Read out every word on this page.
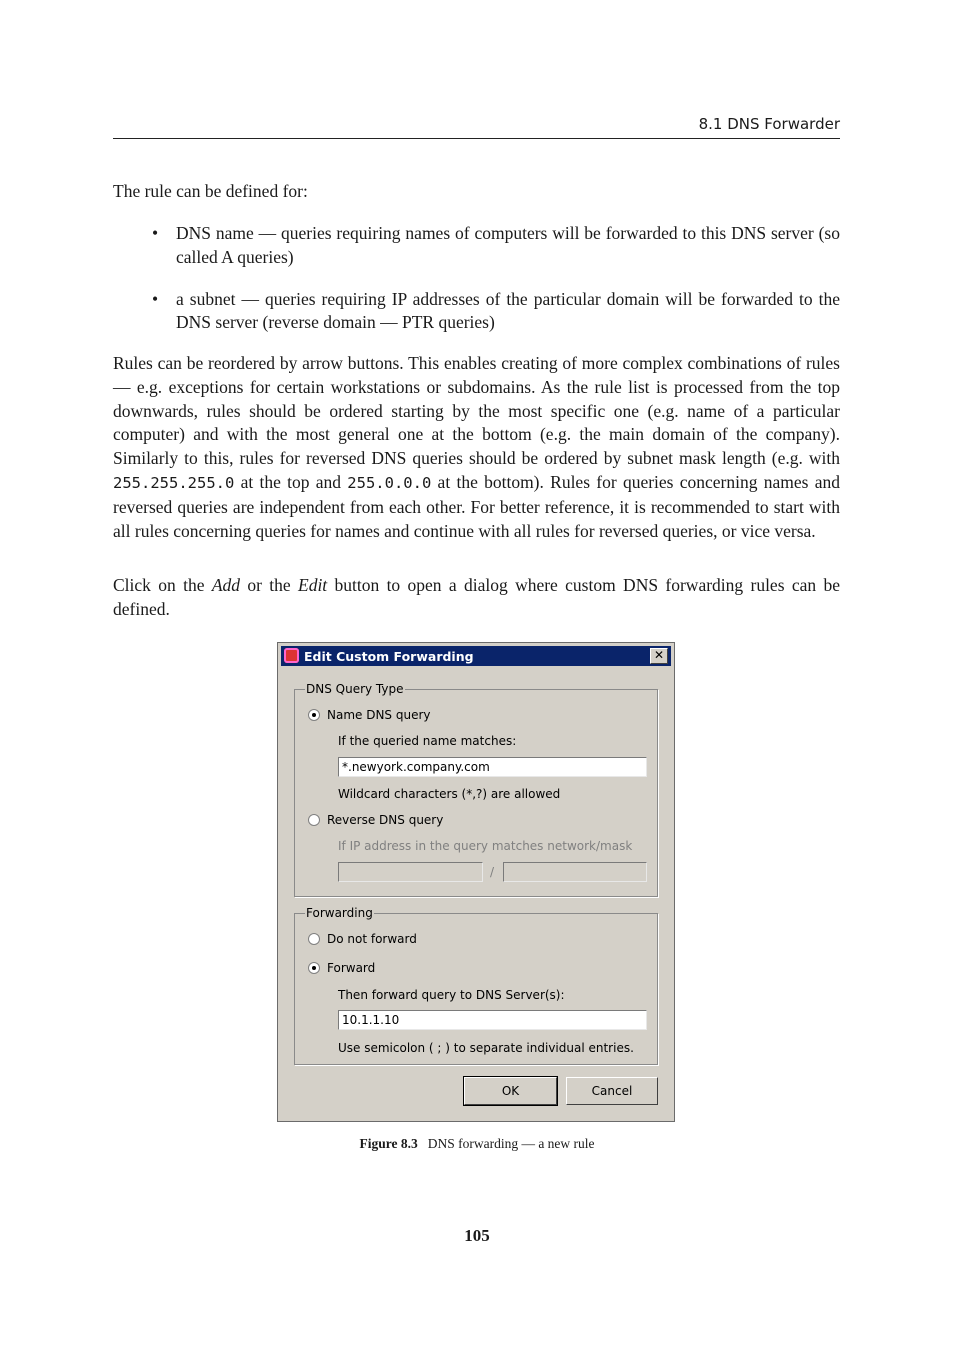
8.1 DNS Forwarder

The rule can be defined for:

• DNS name — queries requiring names of computers will be forwarded to this DNS server (so called A queries)
• a subnet — queries requiring IP addresses of the particular domain will be forwarded to the DNS server (reverse domain — PTR queries)

Rules can be reordered by arrow buttons. This enables creating of more complex combinations of rules — e.g. exceptions for certain workstations or subdomains. As the rule list is processed from the top downwards, rules should be ordered starting by the most specific one (e.g. name of a particular computer) and with the most general one at the bottom (e.g. the main domain of the company). Similarly to this, rules for reversed DNS queries should be ordered by subnet mask length (e.g. with 255.255.255.0 at the top and 255.0.0.0 at the bottom). Rules for queries concerning names and reversed queries are independent from each other. For better reference, it is recommended to start with all rules concerning queries for names and continue with all rules for reversed queries, or vice versa.

Click on the Add or the Edit button to open a dialog where custom DNS forwarding rules can be defined.

Edit Custom Forwarding	✕
DNS Query Type
Name DNS query
If the queried name matches:
*.newyork.company.com
Wildcard characters (*,?) are allowed
Reverse DNS query
If IP address in the query matches network/mask
/
Forwarding
Do not forward
Forward
Then forward query to DNS Server(s):
10.1.1.10
Use semicolon ( ; ) to separate individual entries.
OK	Cancel
Figure 8.3 DNS forwarding — a new rule
105
